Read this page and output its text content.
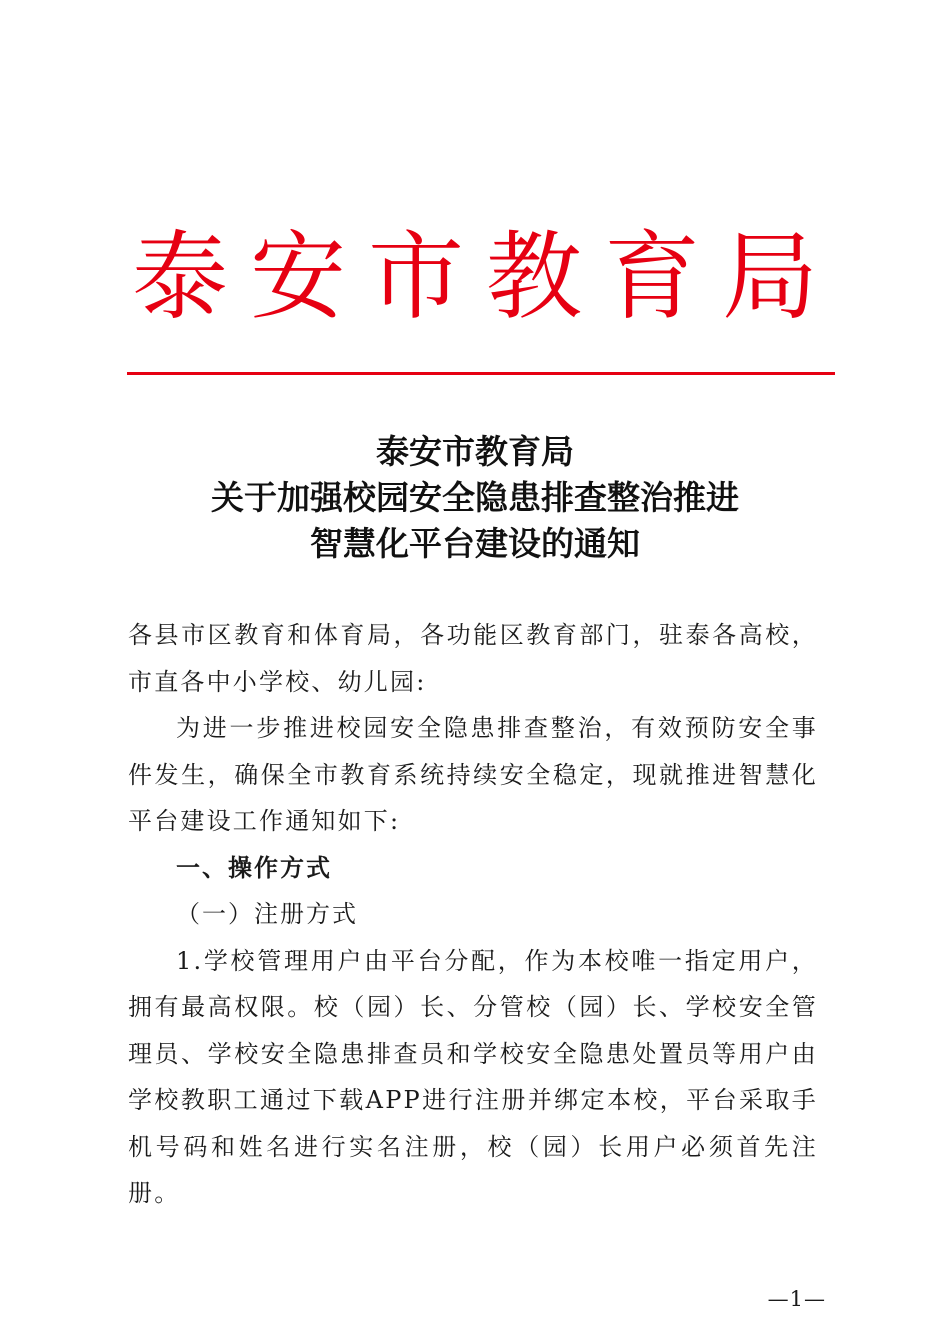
泰安市教育局
泰安市教育局
关于加强校园安全隐患排查整治推进
智慧化平台建设的通知

各县市区教育和体育局，各功能区教育部门，驻泰各高校，市直各中小学校、幼儿园:

为进一步推进校园安全隐患排查整治，有效预防安全事件发生，确保全市教育系统持续安全稳定，现就推进智慧化平台建设工作通知如下:

一、操作方式

（一）注册方式

1.学校管理用户由平台分配，作为本校唯一指定用户，拥有最高权限。校（园）长、分管校（园）长、学校安全管理员、学校安全隐患排查员和学校安全隐患处置员等用户由学校教职工通过下载APP进行注册并绑定本校，平台采取手机号码和姓名进行实名注册，校（园）长用户必须首先注册。

—1—
